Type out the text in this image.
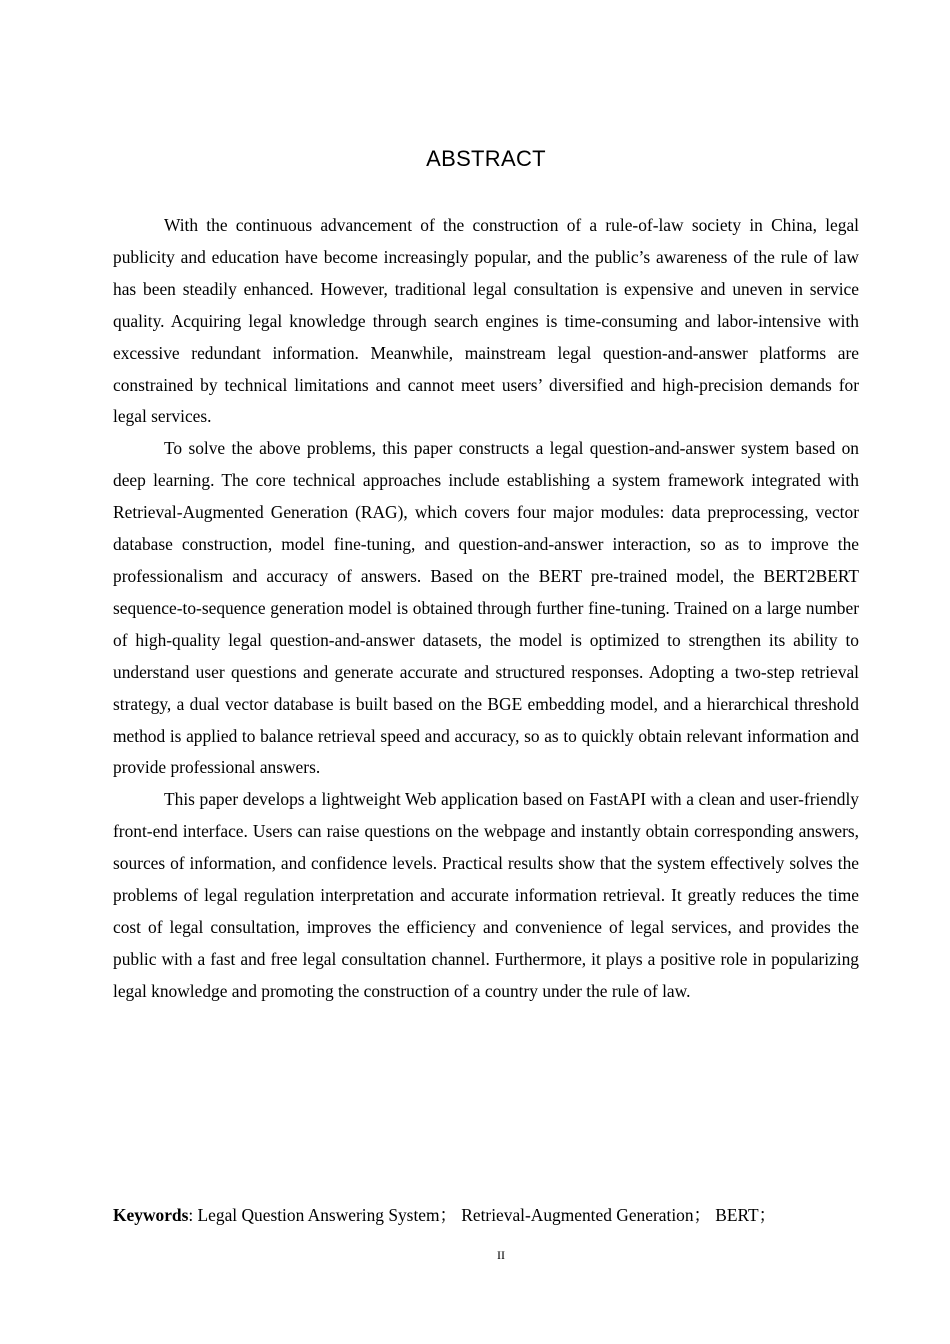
ABSTRACT

With the continuous advancement of the construction of a rule-of-law society in China, legal publicity and education have become increasingly popular, and the public’s awareness of the rule of law has been steadily enhanced. However, traditional legal consultation is expensive and uneven in service quality. Acquiring legal knowledge through search engines is time-consuming and labor-intensive with excessive redundant information. Meanwhile, mainstream legal question-and-answer platforms are constrained by technical limitations and cannot meet users’ diversified and high-precision demands for legal services.

To solve the above problems, this paper constructs a legal question-and-answer system based on deep learning. The core technical approaches include establishing a system framework integrated with Retrieval-Augmented Generation (RAG), which covers four major modules: data preprocessing, vector database construction, model fine-tuning, and question-and-answer interaction, so as to improve the professionalism and accuracy of answers. Based on the BERT pre-trained model, the BERT2BERT sequence-to-sequence generation model is obtained through further fine-tuning. Trained on a large number of high-quality legal question-and-answer datasets, the model is optimized to strengthen its ability to understand user questions and generate accurate and structured responses. Adopting a two-step retrieval strategy, a dual vector database is built based on the BGE embedding model, and a hierarchical threshold method is applied to balance retrieval speed and accuracy, so as to quickly obtain relevant information and provide professional answers.

This paper develops a lightweight Web application based on FastAPI with a clean and user-friendly front-end interface. Users can raise questions on the webpage and instantly obtain corresponding answers, sources of information, and confidence levels. Practical results show that the system effectively solves the problems of legal regulation interpretation and accurate information retrieval. It greatly reduces the time cost of legal consultation, improves the efficiency and convenience of legal services, and provides the public with a fast and free legal consultation channel. Furthermore, it plays a positive role in popularizing legal knowledge and promoting the construction of a country under the rule of law.

Keywords: Legal Question Answering System； Retrieval-Augmented Generation； BERT；
II
